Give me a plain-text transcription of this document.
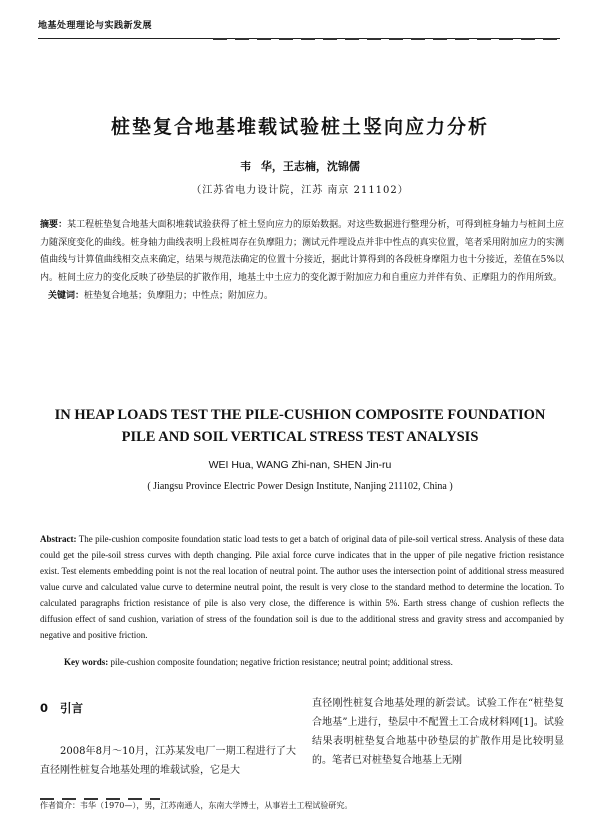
地基处理理论与实践新发展
桩垫复合地基堆载试验桩土竖向应力分析
韦 华，王志楠，沈锦儒
（江苏省电力设计院，江苏 南京 211102）
摘要：某工程桩垫复合地基大面积堆载试验获得了桩土竖向应力的原始数据。对这些数据进行整理分析，可得到桩身轴力与桩间土应力随深度变化的曲线。桩身轴力曲线表明上段桩周存在负摩阻力；测试元件埋设点并非中性点的真实位置，笔者采用附加应力的实测值曲线与计算值曲线相交点来确定，结果与规范法确定的位置十分接近，据此计算得到的各段桩身摩阻力也十分接近，差值在5%以内。桩间土应力的变化反映了砂垫层的扩散作用，地基土中土应力的变化源于附加应力和自重应力并伴有负、正摩阻力的作用所致。
关键词：桩垫复合地基；负摩阻力；中性点；附加应力。
IN HEAP LOADS TEST THE PILE-CUSHION COMPOSITE FOUNDATION
PILE AND SOIL VERTICAL STRESS TEST ANALYSIS
WEI Hua, WANG Zhi-nan, SHEN Jin-ru
( Jiangsu Province Electric Power Design Institute, Nanjing 211102, China )
Abstract: The pile-cushion composite foundation static load tests to get a batch of original data of pile-soil vertical stress. Analysis of these data could get the pile-soil stress curves with depth changing. Pile axial force curve indicates that in the upper of pile negative friction resistance exist. Test elements embedding point is not the real location of neutral point. The author uses the intersection point of additional stress measured value curve and calculated value curve to determine neutral point, the result is very close to the standard method to determine the location. To calculated paragraphs friction resistance of pile is also very close, the difference is within 5%. Earth stress change of cushion reflects the diffusion effect of sand cushion, variation of stress of the foundation soil is due to the additional stress and gravity stress and accompanied by negative and positive friction.
Key words: pile-cushion composite foundation; negative friction resistance; neutral point; additional stress.
0 引言
2008年8月～10月，江苏某发电厂一期工程进行了大直径刚性桩复合地基处理的堆载试验，它是大
直径刚性桩复合地基处理的新尝试。试验工作在“桩垫复合地基”上进行，垫层中不配置土工合成材料网[1]。试验结果表明桩垫复合地基中砂垫层的扩散作用是比较明显的。笔者已对桩垫复合地基上无刚
作者简介：韦华（1970—），男，江苏南通人，东南大学博士，从事岩土工程试验研究。
